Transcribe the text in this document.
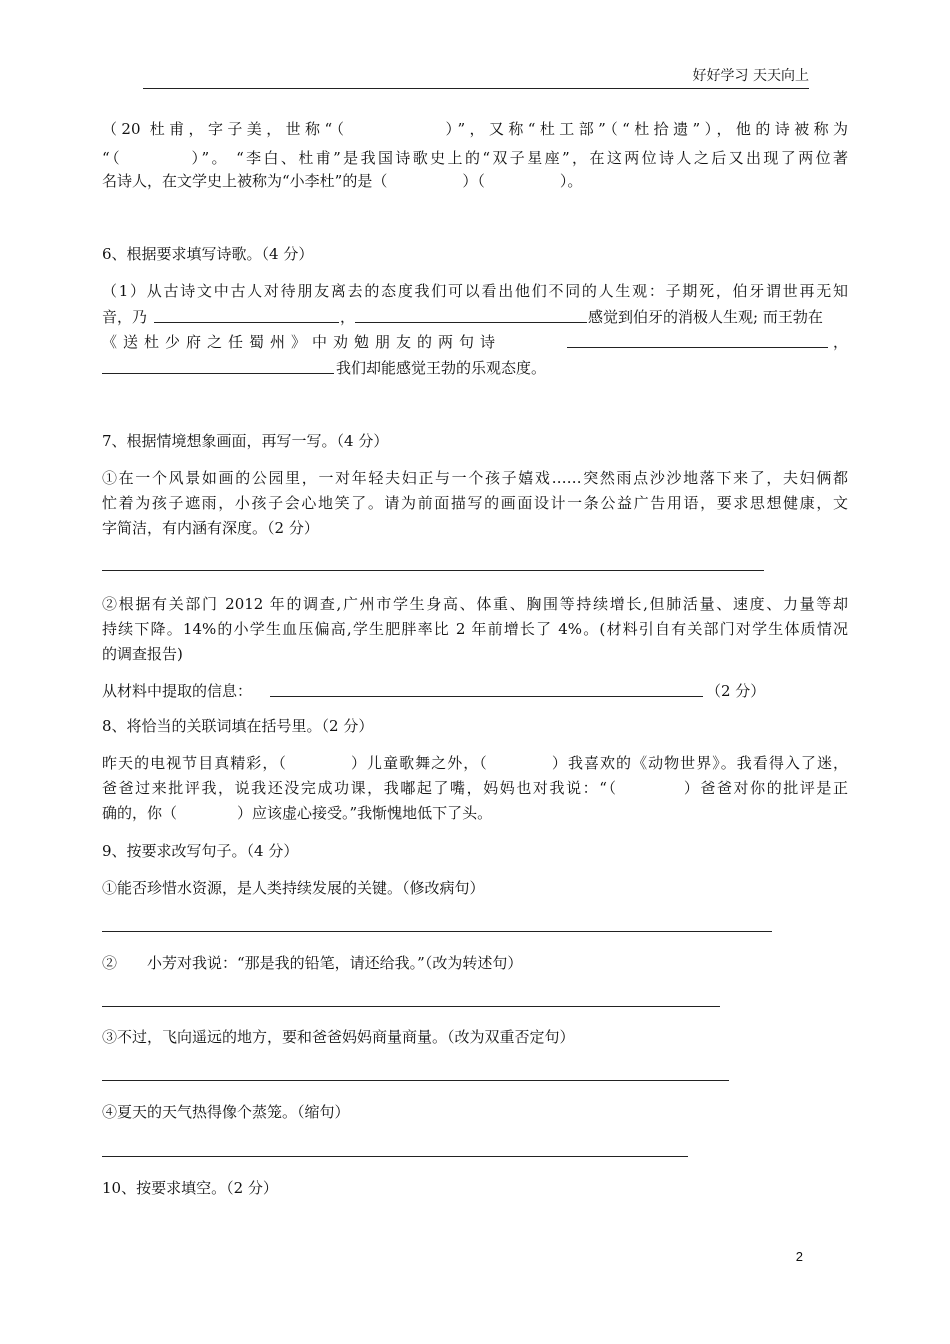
好好学习 天天向上
（20 杜甫，字子美，世称“（　　　　　）”，又称“杜工部”（“杜拾遗”），他的诗被称为
“（　　　　）”。 “李白、杜甫”是我国诗歌史上的“双子星座”，在这两位诗人之后又出现了两位著
名诗人，在文学史上被称为“小李杜”的是（　　　　　）（　　　　　）。
6、根据要求填写诗歌。（4 分）
（1）从古诗文中古人对待朋友离去的态度我们可以看出他们不同的人生观：子期死，伯牙谓世再无知
音，乃	，	感觉到伯牙的消极人生观; 而王勃在
《送杜少府之任蜀州》中劝勉朋友的两句诗	，
我们却能感觉王勃的乐观态度。
7、根据情境想象画面，再写一写。（4 分）
①在一个风景如画的公园里，一对年轻夫妇正与一个孩子嬉戏……突然雨点沙沙地落下来了，夫妇俩都
忙着为孩子遮雨，小孩子会心地笑了。请为前面描写的画面设计一条公益广告用语，要求思想健康，文
字简洁，有内涵有深度。（2 分）
②根据有关部门 2012 年的调查,广州市学生身高、体重、胸围等持续增长,但肺活量、速度、力量等却
持续下降。14%的小学生血压偏高,学生肥胖率比 2 年前增长了 4%。(材料引自有关部门对学生体质情况
的调查报告)
从材料中提取的信息：	（2 分）
8、将恰当的关联词填在括号里。（2 分）
昨天的电视节目真精彩，（　　　　）儿童歌舞之外，（　　　　）我喜欢的《动物世界》。我看得入了迷，
爸爸过来批评我，说我还没完成功课，我嘟起了嘴，妈妈也对我说：“（　　　　）爸爸对你的批评是正
确的，你（　　　　）应该虚心接受。”我惭愧地低下了头。
9、按要求改写句子。（4 分）
①能否珍惜水资源，是人类持续发展的关键。（修改病句）
②　　小芳对我说：“那是我的铅笔，请还给我。”（改为转述句）
③不过，飞向遥远的地方，要和爸爸妈妈商量商量。（改为双重否定句）
④夏天的天气热得像个蒸笼。（缩句）
10、按要求填空。（2 分）
2
